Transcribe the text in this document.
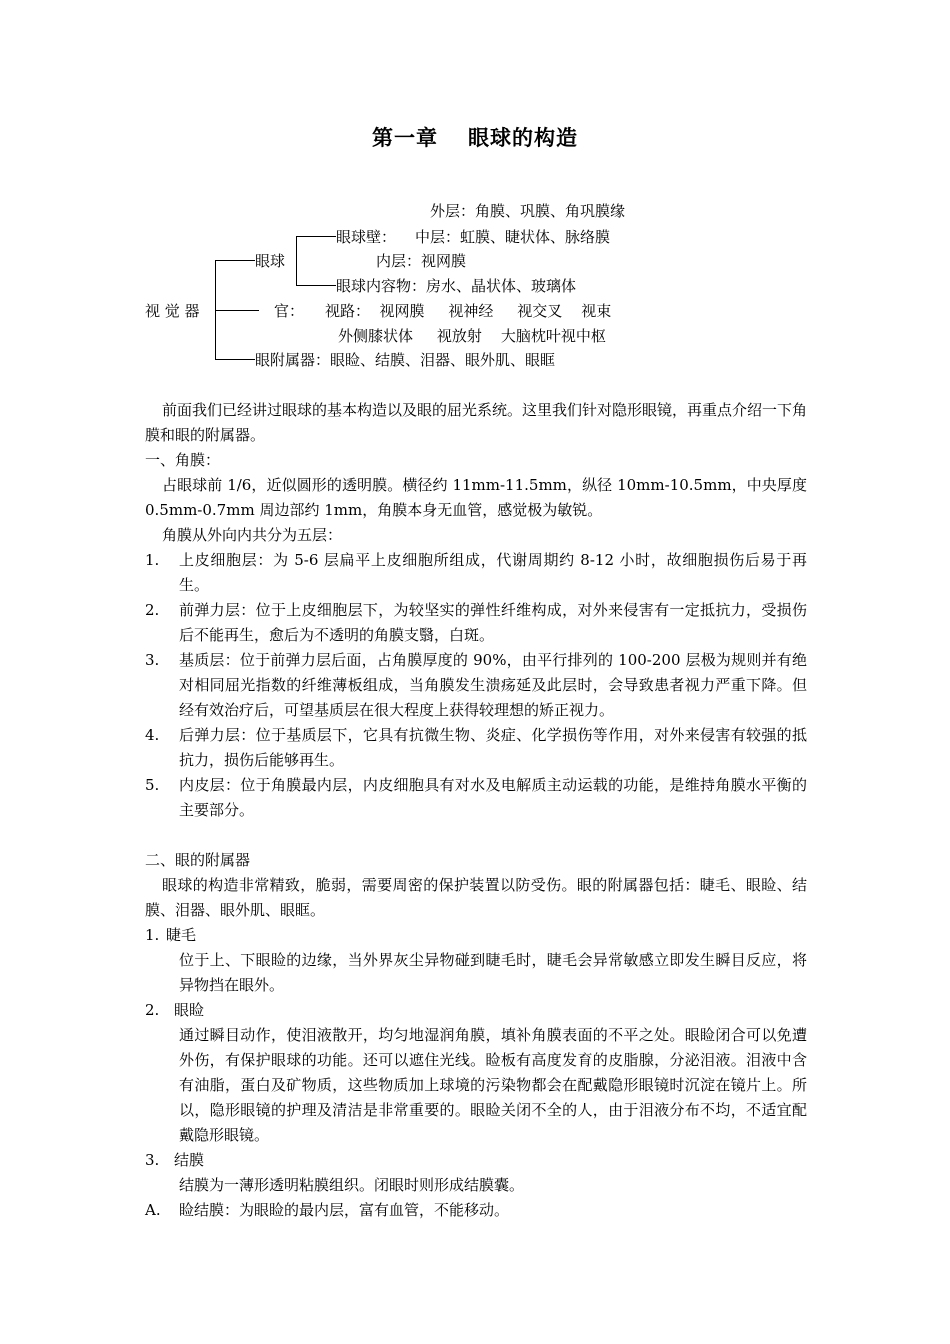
第一章 眼球的构造
外层：角膜、巩膜、角巩膜缘
眼球壁： 中层：虹膜、睫状体、脉络膜
眼球	内层：视网膜
眼球内容物：房水、晶状体、玻璃体
视 觉 器	官： 视路：  视网膜     视神经     视交叉    视束
外侧膝状体     视放射    大脑枕叶视中枢
眼附属器：眼睑、结膜、泪器、眼外肌、眼眶

前面我们已经讲过眼球的基本构造以及眼的屈光系统。这里我们针对隐形眼镜，再重点介绍一下角膜和眼的附属器。

一、角膜：

占眼球前 1/6，近似圆形的透明膜。横径约 11mm-11.5mm，纵径 10mm-10.5mm，中央厚度 0.5mm-0.7mm 周边部约 1mm，角膜本身无血管，感觉极为敏锐。

角膜从外向内共分为五层：

1.	上皮细胞层：为 5-6 层扁平上皮细胞所组成，代谢周期约 8-12 小时，故细胞损伤后易于再生。
2.	前弹力层：位于上皮细胞层下，为较坚实的弹性纤维构成，对外来侵害有一定抵抗力，受损伤后不能再生，愈后为不透明的角膜支翳，白斑。
3.	基质层：位于前弹力层后面，占角膜厚度的 90%，由平行排列的 100-200 层极为规则并有绝对相同屈光指数的纤维薄板组成，当角膜发生溃疡延及此层时，会导致患者视力严重下降。但经有效治疗后，可望基质层在很大程度上获得较理想的矫正视力。
4.	后弹力层：位于基质层下，它具有抗微生物、炎症、化学损伤等作用，对外来侵害有较强的抵抗力，损伤后能够再生。
5.	内皮层：位于角膜最内层，内皮细胞具有对水及电解质主动运载的功能，是维持角膜水平衡的主要部分。

二、眼的附属器

眼球的构造非常精致，脆弱，需要周密的保护装置以防受伤。眼的附属器包括：睫毛、眼睑、结膜、泪器、眼外肌、眼眶。

1. 睫毛

位于上、下眼睑的边缘，当外界灰尘异物碰到睫毛时，睫毛会异常敏感立即发生瞬目反应，将异物挡在眼外。

2. 眼睑

通过瞬目动作，使泪液散开，均匀地湿润角膜，填补角膜表面的不平之处。眼睑闭合可以免遭外伤，有保护眼球的功能。还可以遮住光线。睑板有高度发育的皮脂腺，分泌泪液。泪液中含有油脂，蛋白及矿物质，这些物质加上球境的污染物都会在配戴隐形眼镜时沉淀在镜片上。所以，隐形眼镜的护理及清洁是非常重要的。眼睑关闭不全的人，由于泪液分布不均，不适宜配戴隐形眼镜。

3. 结膜

结膜为一薄形透明粘膜组织。闭眼时则形成结膜囊。

A.	睑结膜：为眼睑的最内层，富有血管，不能移动。
